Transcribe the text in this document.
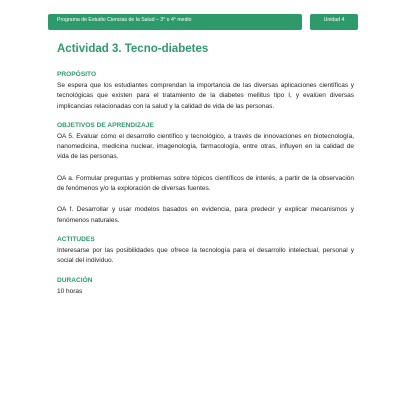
Programa de Estudio Ciencias de la Salud – 3° o 4° medio	Unidad 4
Actividad 3. Tecno-diabetes
PROPÓSITO

Se espera que los estudiantes comprendan la importancia de las diversas aplicaciones científicas y tecnológicas que existen para el tratamiento de la diabetes mellitus tipo I, y evalúen diversas implicancias relacionadas con la salud y la calidad de vida de las personas.

OBJETIVOS DE APRENDIZAJE

OA 5. Evaluar cómo el desarrollo científico y tecnológico, a través de innovaciones en biotecnología, nanomedicina, medicina nuclear, imagenología, farmacología, entre otras, influyen en la calidad de vida de las personas.

OA a. Formular preguntas y problemas sobre tópicos científicos de interés, a partir de la observación de fenómenos y/o la exploración de diversas fuentes.

OA f. Desarrollar y usar modelos basados en evidencia, para predecir y explicar mecanismos y fenómenos naturales.

ACTITUDES

Interesarse por las posibilidades que ofrece la tecnología para el desarrollo intelectual, personal y social del individuo.

DURACIÓN

10 horas
